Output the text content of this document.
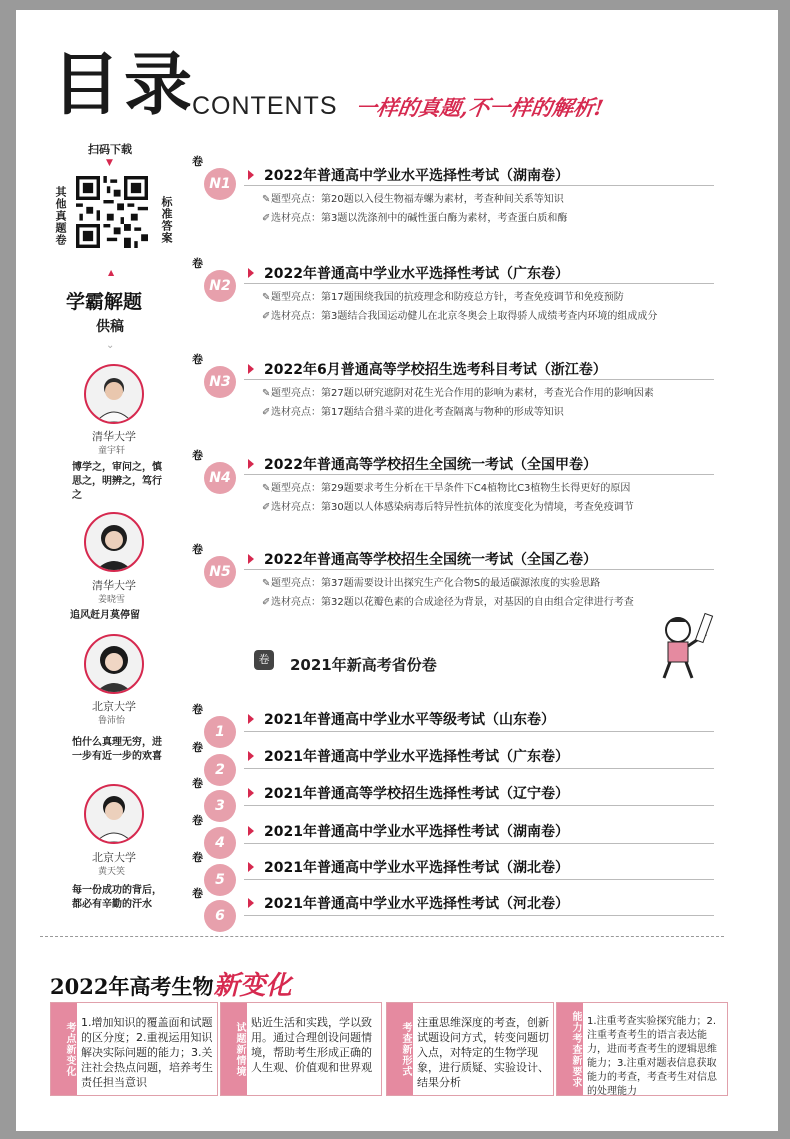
目录
CONTENTS 一样的真题,不一样的解析!
扫码下载
▼
其他真题卷	标准答案
▲
学霸解题
供稿
⌄
清华大学
童宇轩
博学之，审问之，慎思之，明辨之，笃行之
清华大学
姜晓雪
追风赶月莫停留
北京大学
鲁沛怡
怕什么真理无穷，进一步有近一步的欢喜
北京大学
黄天笑
每一份成功的背后，都必有辛勤的汗水
卷
N1	2022年普通高中学业水平选择性考试（湖南卷）
✎题型亮点：第20题以入侵生物福寿螺为素材，考查种间关系等知识
✐选材亮点：第3题以洗涤剂中的碱性蛋白酶为素材，考查蛋白质和酶
卷
N2
2022年普通高中学业水平选择性考试（广东卷）
✎题型亮点：第17题围绕我国的抗疫理念和防疫总方针，考查免疫调节和免疫预防
✐选材亮点：第3题结合我国运动健儿在北京冬奥会上取得骄人成绩考查内环境的组成成分
卷
N3
2022年6月普通高等学校招生选考科目考试（浙江卷）
✎题型亮点：第27题以研究遮阴对花生光合作用的影响为素材，考查光合作用的影响因素
✐选材亮点：第17题结合猎斗菜的进化考查隔离与物种的形成等知识
卷
N4
2022年普通高等学校招生全国统一考试（全国甲卷）
✎题型亮点：第29题要求考生分析在干旱条件下C4植物比C3植物生长得更好的原因
✐选材亮点：第30题以人体感染病毒后特异性抗体的浓度变化为情境，考查免疫调节
卷
N5
2022年普通高等学校招生全国统一考试（全国乙卷）
✎题型亮点：第37题需要设计出探究生产化合物S的最适碳源浓度的实验思路
✐选材亮点：第32题以花瓣色素的合成途径为背景，对基因的自由组合定律进行考查
卷	2021年新高考省份卷
卷
1
2021年普通高中学业水平等级考试（山东卷）
卷
2
2021年普通高中学业水平选择性考试（广东卷）
卷
3
2021年普通高等学校招生选择性考试（辽宁卷）
卷
4
2021年普通高中学业水平选择性考试（湖南卷）
卷
5
2021年普通高中学业水平选择性考试（湖北卷）
卷
6
2021年普通高中学业水平选择性考试（河北卷）
2022年高考生物新变化
考点新变化 1.增加知识的覆盖面和试题的区分度；2.重视运用知识解决实际问题的能力；3.关注社会热点问题，培养考生责任担当意识
试题新情境 贴近生活和实践，学以致用。通过合理创设问题情境，帮助考生形成正确的人生观、价值观和世界观	考查新形式 注重思维深度的考查，创新试题设问方式，转变问题切入点，对特定的生物学现象，进行质疑、实验设计、结果分析	能力考查新要求 1.注重考查实验探究能力；2.注重考查考生的语言表达能力，进而考查考生的逻辑思维能力；3.注重对题表信息获取能力的考查，考查考生对信息的处理能力
